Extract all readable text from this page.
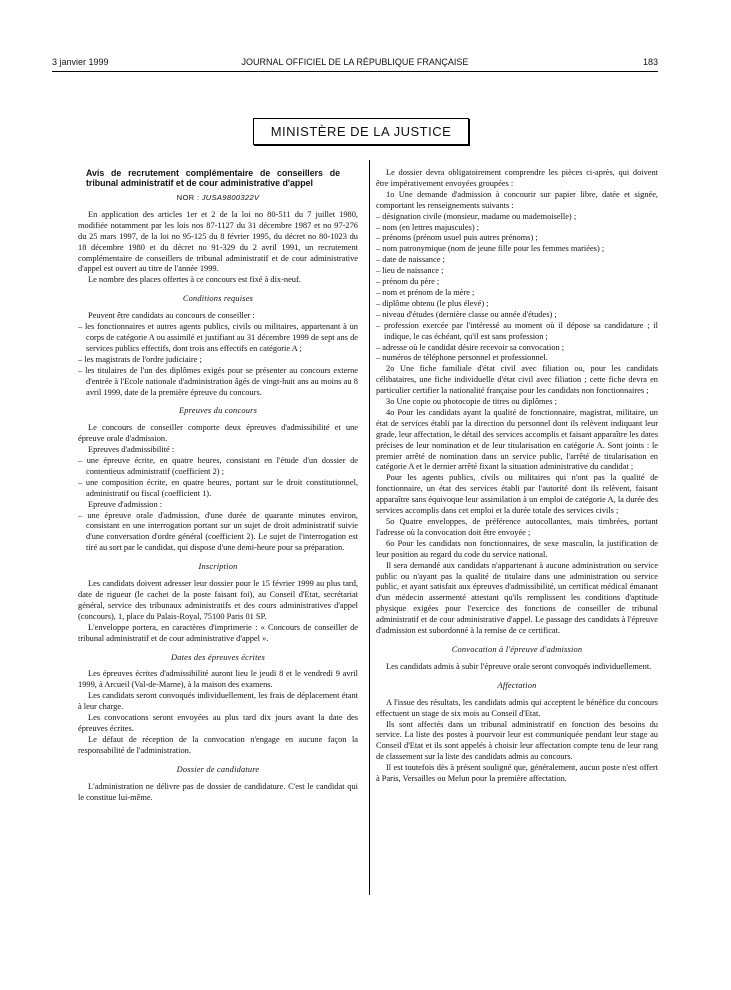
JOURNAL OFFICIEL DE LA RÉPUBLIQUE FRANÇAISE
3 janvier 1999	183
MINISTÈRE DE LA JUSTICE

Avis de recrutement complémentaire de conseillers de tribunal administratif et de cour administrative d'appel

NOR : JUSA9800322V

En application des articles 1er et 2 de la loi no 80-511 du 7 juillet 1980, modifiée notamment par les lois nos 87-1127 du 31 décembre 1987 et no 97-276 du 25 mars 1997, de la loi no 95-125 du 8 février 1995, du décret no 80-1023 du 18 décembre 1980 et du décret no 91-329 du 2 avril 1991, un recrutement complémentaire de conseillers de tribunal administratif et de cour administrative d'appel est ouvert au titre de l'année 1999.

Le nombre des places offertes à ce concours est fixé à dix-neuf.

Conditions requises

Peuvent être candidats au concours de conseiller :

– les fonctionnaires et autres agents publics, civils ou militaires, appartenant à un corps de catégorie A ou assimilé et justifiant au 31 décembre 1999 de sept ans de services publics effectifs, dont trois ans effectifs en catégorie A ;

– les magistrats de l'ordre judiciaire ;

– les titulaires de l'un des diplômes exigés pour se présenter au concours externe d'entrée à l'Ecole nationale d'administration âgés de vingt-huit ans au moins au 8 avril 1999, date de la première épreuve du concours.

Epreuves du concours

Le concours de conseiller comporte deux épreuves d'admissibilité et une épreuve orale d'admission.

Epreuves d'admissibilité :

– une épreuve écrite, en quatre heures, consistant en l'étude d'un dossier de contentieux administratif (coefficient 2) ;

– une composition écrite, en quatre heures, portant sur le droit constitutionnel, administratif ou fiscal (coefficient 1).

Epreuve d'admission :

– une épreuve orale d'admission, d'une durée de quarante minutes environ, consistant en une interrogation portant sur un sujet de droit administratif suivie d'une conversation d'ordre général (coefficient 2). Le sujet de l'interrogation est tiré au sort par le candidat, qui dispose d'une demi-heure pour sa préparation.

Inscription

Les candidats doivent adresser leur dossier pour le 15 février 1999 au plus tard, date de rigueur (le cachet de la poste faisant foi), au Conseil d'Etat, secrétariat général, service des tribunaux administratifs et des cours administratives d'appel (concours), 1, place du Palais-Royal, 75100 Paris 01 SP.

L'enveloppe portera, en caractères d'imprimerie : « Concours de conseiller de tribunal administratif et de cour administrative d'appel ».

Dates des épreuves écrites

Les épreuves écrites d'admissibilité auront lieu le jeudi 8 et le vendredi 9 avril 1999, à Arcueil (Val-de-Marne), à la maison des examens.

Les candidats seront convoqués individuellement, les frais de déplacement étant à leur charge.

Les convocations seront envoyées au plus tard dix jours avant la date des épreuves écrites.

Le défaut de réception de la convocation n'engage en aucune façon la responsabilité de l'administration.

Dossier de candidature

L'administration ne délivre pas de dossier de candidature. C'est le candidat qui le constitue lui-même.

Le dossier devra obligatoirement comprendre les pièces ci-après, qui doivent être impérativement envoyées groupées :

1o Une demande d'admission à concourir sur papier libre, datée et signée, comportant les renseignements suivants :

– désignation civile (monsieur, madame ou mademoiselle) ;

– nom (en lettres majuscules) ;

– prénoms (prénom usuel puis autres prénoms) ;

– nom patronymique (nom de jeune fille pour les femmes mariées) ;

– date de naissance ;

– lieu de naissance ;

– prénom du père ;

– nom et prénom de la mère ;

– diplôme obtenu (le plus élevé) ;

– niveau d'études (dernière classe ou année d'études) ;

– profession exercée par l'intéressé au moment où il dépose sa candidature ; il indique, le cas échéant, qu'il est sans profession ;

– adresse où le candidat désire recevoir sa convocation ;

– numéros de téléphone personnel et professionnel.

2o Une fiche familiale d'état civil avec filiation ou, pour les candidats célibataires, une fiche individuelle d'état civil avec filiation ; cette fiche devra en particulier certifier la nationalité française pour les candidats non fonctionnaires ;

3o Une copie ou photocopie de titres ou diplômes ;

4o Pour les candidats ayant la qualité de fonctionnaire, magistrat, militaire, un état de services établi par la direction du personnel dont ils relèvent indiquant leur grade, leur affectation, le détail des services accomplis et faisant apparaître les dates précises de leur nomination et de leur titularisation en catégorie A. Sont joints : le premier arrêté de nomination dans un service public, l'arrêté de titularisation en catégorie A et le dernier arrêté fixant la situation administrative du candidat ;

Pour les agents publics, civils ou militaires qui n'ont pas la qualité de fonctionnaire, un état des services établi par l'autorité dont ils relèvent, faisant apparaître sans équivoque leur assimilation à un emploi de catégorie A, la durée des services accomplis dans cet emploi et la durée totale des services civils ;

5o Quatre enveloppes, de préférence autocollantes, mais timbrées, portant l'adresse où la convocation doit être envoyée ;

6o Pour les candidats non fonctionnaires, de sexe masculin, la justification de leur position au regard du code du service national.

Il sera demandé aux candidats n'appartenant à aucune administration ou service public ou n'ayant pas la qualité de titulaire dans une administration ou service public, et ayant satisfait aux épreuves d'admissibilité, un certificat médical émanant d'un médecin assermenté attestant qu'ils remplissent les conditions d'aptitude physique exigées pour l'exercice des fonctions de conseiller de tribunal administratif et de cour administrative d'appel. Le passage des candidats à l'épreuve d'admission est subordonné à la remise de ce certificat.

Convocation à l'épreuve d'admission

Les candidats admis à subir l'épreuve orale seront convoqués individuellement.

Affectation

A l'issue des résultats, les candidats admis qui acceptent le bénéfice du concours effectuent un stage de six mois au Conseil d'Etat.

Ils sont affectés dans un tribunal administratif en fonction des besoins du service. La liste des postes à pourvoir leur est communiquée pendant leur stage au Conseil d'Etat et ils sont appelés à choisir leur affectation compte tenu de leur rang de classement sur la liste des candidats admis au concours.

Il est toutefois dès à présent souligné que, généralement, aucun poste n'est offert à Paris, Versailles ou Melun pour la première affectation.
